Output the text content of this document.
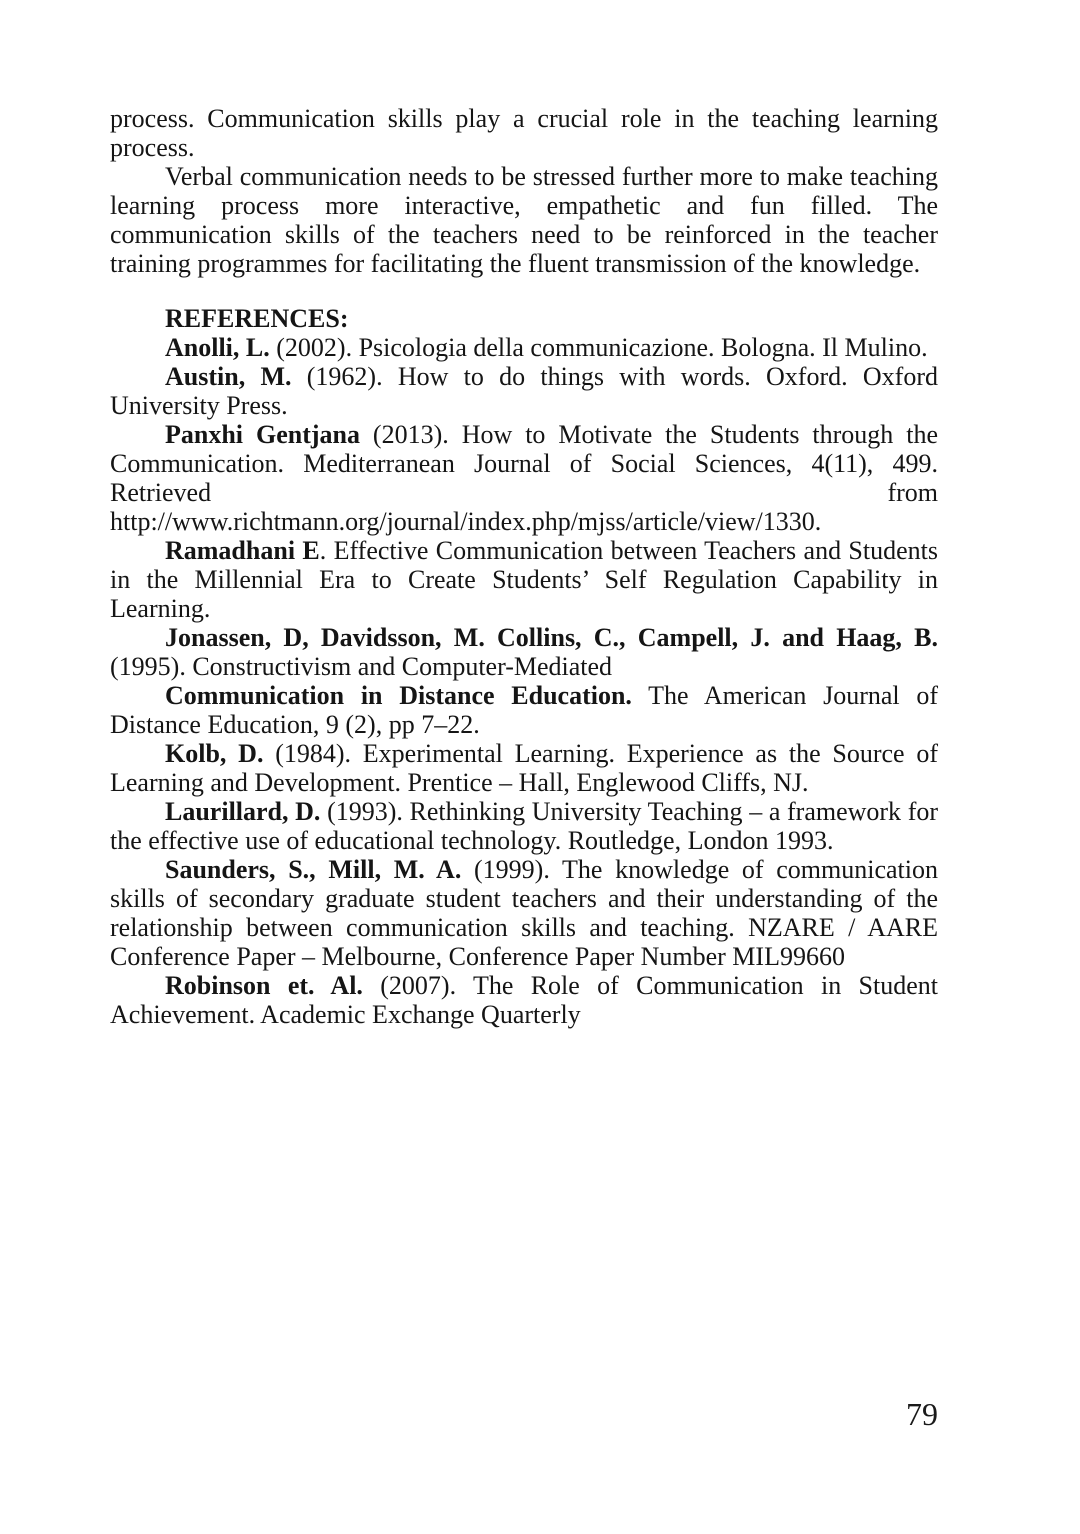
process. Communication skills play a crucial role in the teaching learning process.

Verbal communication needs to be stressed further more to make teaching learning process more interactive, empathetic and fun filled. The communication skills of the teachers need to be reinforced in the teacher training programmes for facilitating the fluent transmission of the knowledge.

REFERENCES:

Anolli, L. (2002). Psicologia della communicazione. Bologna. Il Mulino.

Austin, M. (1962). How to do things with words. Oxford. Oxford University Press.

Panxhi Gentjana (2013). How to Motivate the Students through the Communication. Mediterranean Journal of Social Sciences, 4(11), 499. Retrieved from http://www.richtmann.org/journal/index.php/mjss/article/view/1330.

Ramadhani E. Effective Communication between Teachers and Students in the Millennial Era to Create Students’ Self Regulation Capability in Learning.

Jonassen, D, Davidsson, M. Collins, C., Campell, J. and Haag, B. (1995). Constructivism and Computer-Mediated

Communication in Distance Education. The American Journal of Distance Education, 9 (2), pp 7–22.

Kolb, D. (1984). Experimental Learning. Experience as the Source of Learning and Development. Prentice – Hall, Englewood Cliffs, NJ.

Laurillard, D. (1993). Rethinking University Teaching – a framework for the effective use of educational technology. Routledge, London 1993.

Saunders, S., Mill, M. A. (1999). The knowledge of communication skills of secondary graduate student teachers and their understanding of the relationship between communication skills and teaching. NZARE / AARE Conference Paper – Melbourne, Conference Paper Number MIL99660

Robinson et. Al. (2007). The Role of Communication in Student Achievement. Academic Exchange Quarterly

79
